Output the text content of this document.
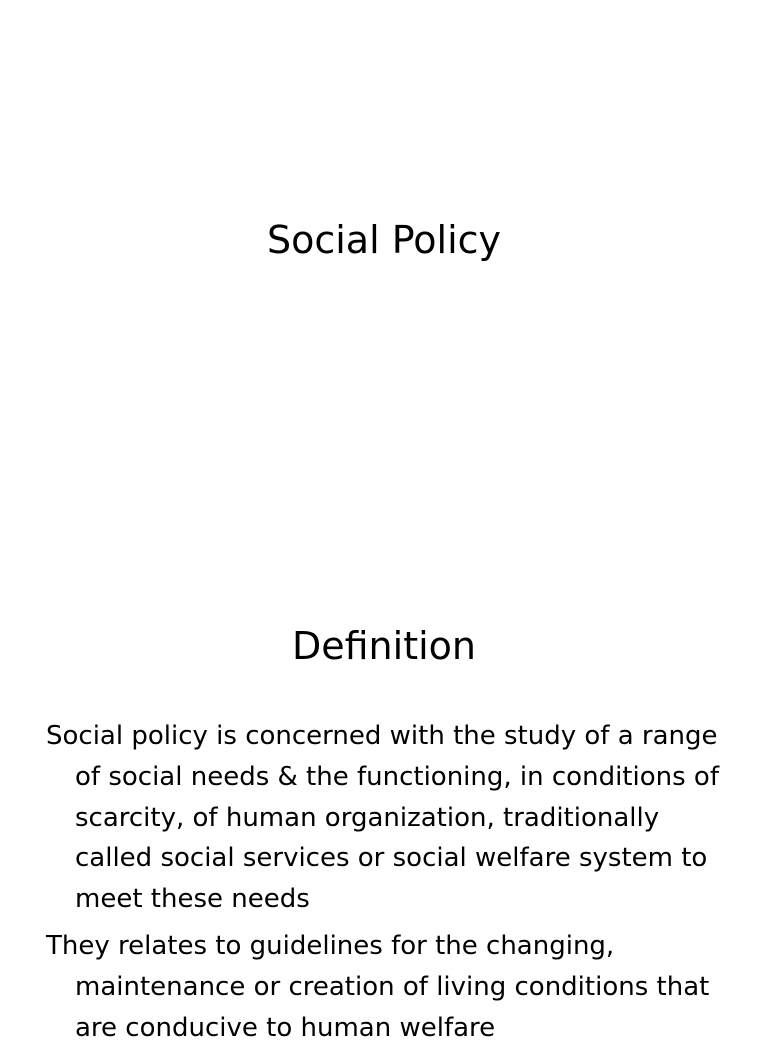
Social Policy
Definition
Social policy is concerned with the study of a range of social needs & the functioning, in conditions of scarcity, of human organization, traditionally called social services or social welfare system to meet these needs
They relates to guidelines for the changing, maintenance or creation of living conditions that are conducive to human welfare
